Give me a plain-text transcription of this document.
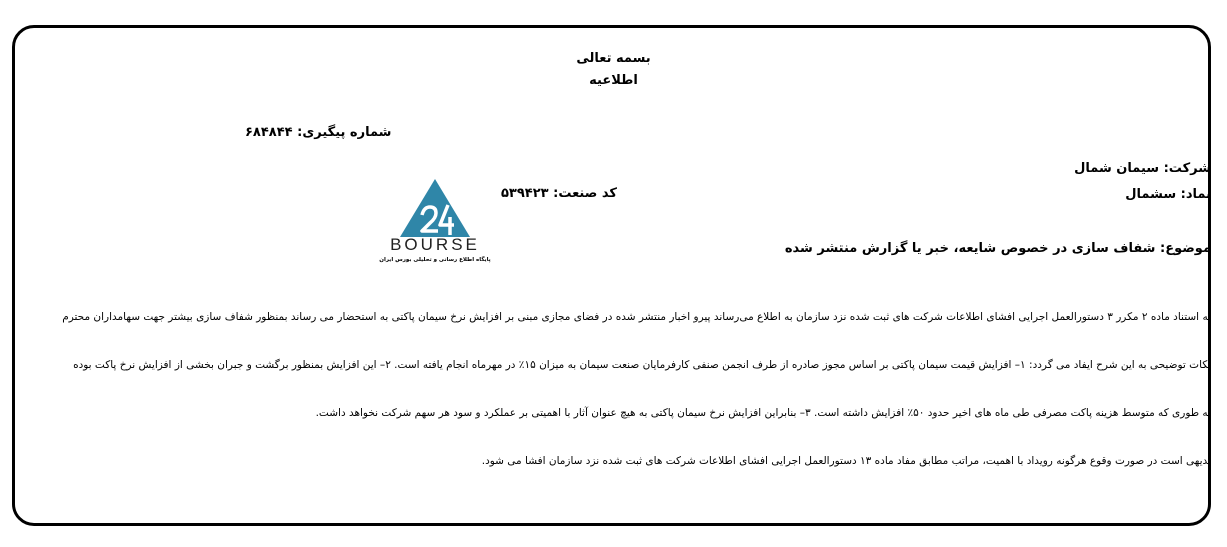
بسمه تعالی
اطلاعیه
شماره پیگیری: ۶۸۴۸۴۴
شرکت: سیمان شمال
نماد: سشمال
کد صنعت: ۵۳۹۴۲۳
BOURSE
پایگاه اطلاع رسانی و تحلیلی بورس ایران
موضوع: شفاف سازی در خصوص شایعه، خبر یا گزارش منتشر شده
به استناد ماده ۲ مکرر ۳ دستورالعمل اجرایی افشای اطلاعات شرکت های ثبت شده نزد سازمان به اطلاع می‌رساند پیرو اخبار منتشر شده در فضای مجازی مبنی بر افزایش نرخ سیمان پاکتی به استحضار می رساند بمنظور شفاف سازی بیشتر جهت سهامداران محترم
نکات توضیحی به این شرح ایفاد می گردد: ۱– افزایش قیمت سیمان پاکتی بر اساس مجوز صادره از طرف انجمن صنفی کارفرمایان صنعت سیمان به میزان ۱۵٪ در مهرماه انجام یافته است. ۲– این افزایش بمنظور برگشت و جبران بخشی از افزایش نرخ پاکت بوده
به طوری که متوسط هزینه پاکت مصرفی طی ماه های اخیر حدود ۵۰٪ افزایش داشته است. ۳– بنابراین افزایش نرخ سیمان پاکتی به هیچ عنوان آثار با اهمیتی بر عملکرد و سود هر سهم شرکت نخواهد داشت.
بدیهی است در صورت وقوع هرگونه رویداد با اهمیت، مراتب مطابق مفاد ماده ۱۳ دستورالعمل اجرایی افشای اطلاعات شرکت های ثبت شده نزد سازمان افشا می شود.
